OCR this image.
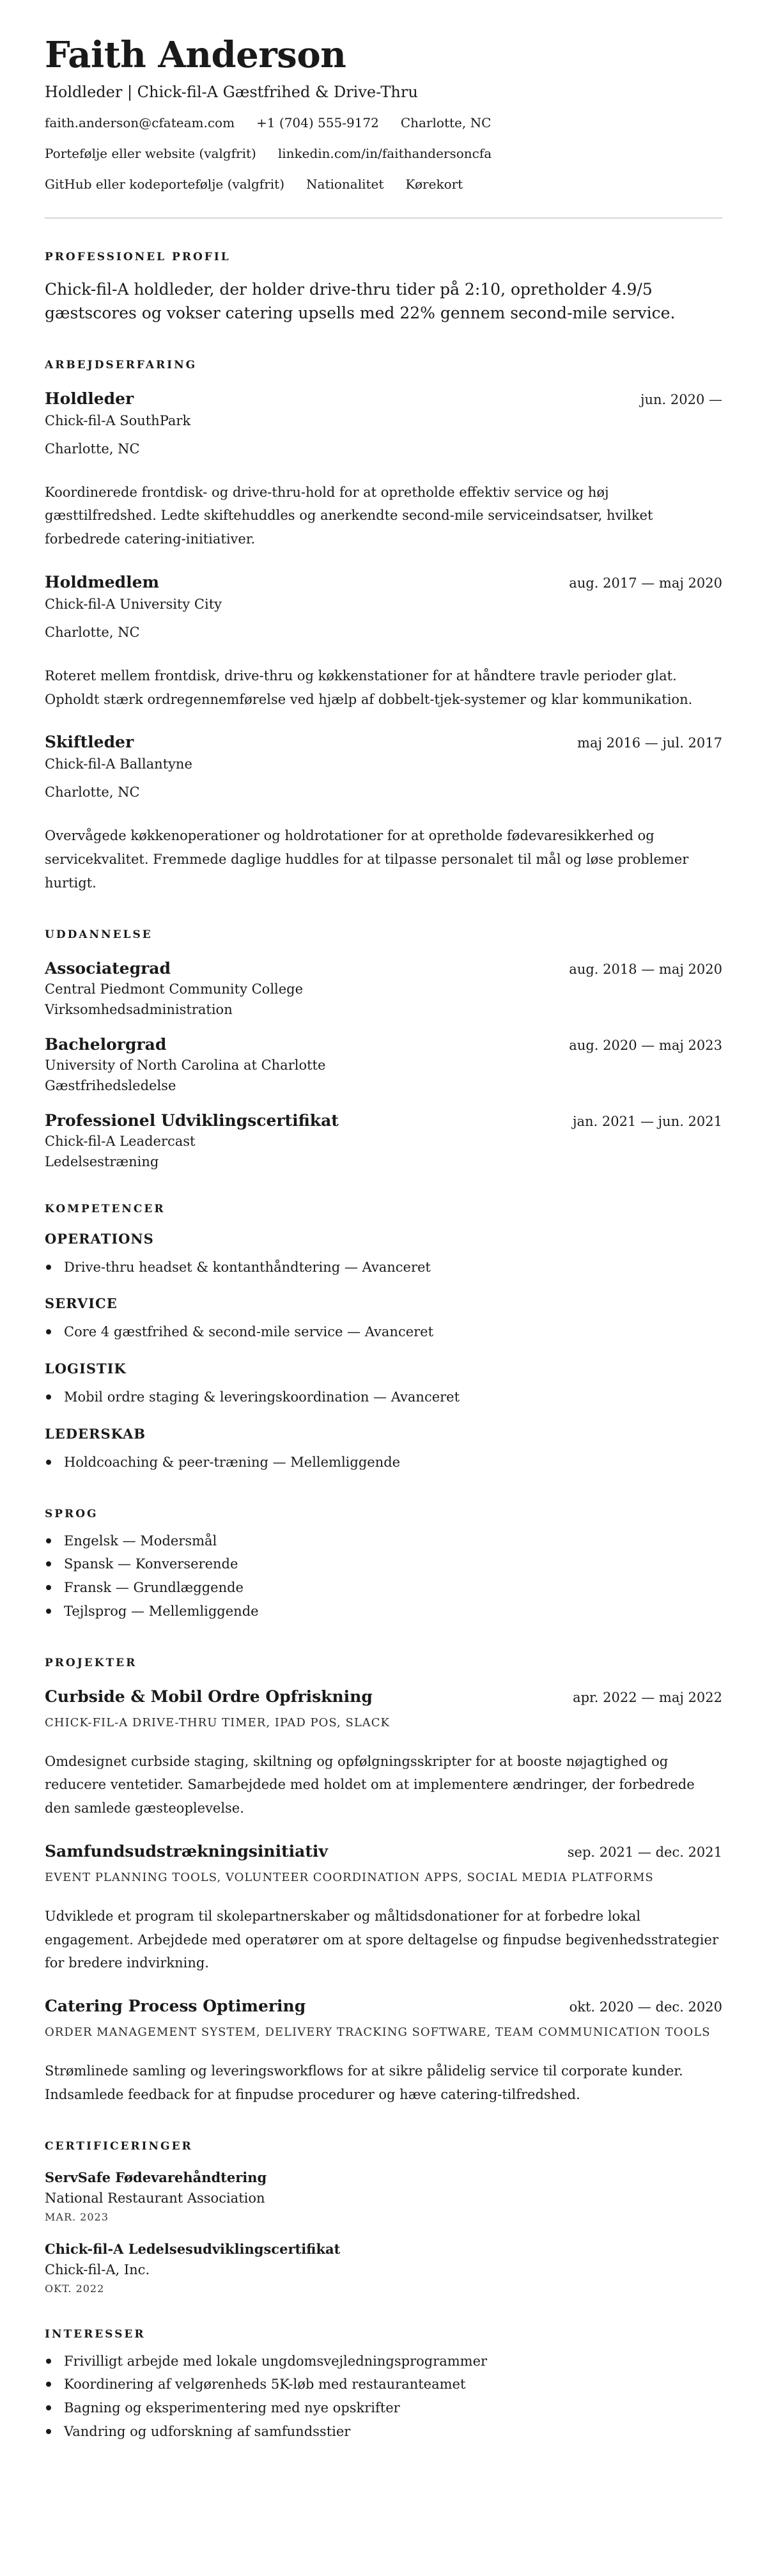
Faith Anderson
Holdleder | Chick-fil-A Gæstfrihed & Drive-Thru
faith.anderson@cfateam.com +1 (704) 555-9172 Charlotte, NC
Portefølje eller website (valgfrit) linkedin.com/in/faithandersoncfa
GitHub eller kodeportefølje (valgfrit) Nationalitet Kørekort
PROFESSIONEL PROFIL

Chick-fil-A holdleder, der holder drive-thru tider på 2:10, opretholder 4.9/5 gæstscores og vokser catering upsells med 22% gennem second-mile service.

ARBEJDSERFARING
Holdleder	jun. 2020 —
Chick-fil-A SouthPark
Charlotte, NC

Koordinerede frontdisk- og drive-thru-hold for at opretholde effektiv service og høj gæsttilfredshed. Ledte skiftehuddles og anerkendte second-mile serviceindsatser, hvilket forbedrede catering-initiativer.

Holdmedlem	aug. 2017 — maj 2020
Chick-fil-A University City
Charlotte, NC

Roteret mellem frontdisk, drive-thru og køkkenstationer for at håndtere travle perioder glat. Opholdt stærk ordregennemførelse ved hjælp af dobbelt-tjek-systemer og klar kommunikation.

Skiftleder	maj 2016 — jul. 2017
Chick-fil-A Ballantyne
Charlotte, NC

Overvågede køkkenoperationer og holdrotationer for at opretholde fødevaresikkerhed og servicekvalitet. Fremmede daglige huddles for at tilpasse personalet til mål og løse problemer hurtigt.

UDDANNELSE
Associategrad	aug. 2018 — maj 2020
Central Piedmont Community College
Virksomhedsadministration
Bachelorgrad	aug. 2020 — maj 2023
University of North Carolina at Charlotte
Gæstfrihedsledelse
Professionel Udviklingscertifikat	jan. 2021 — jun. 2021
Chick-fil-A Leadercast
Ledelsestræning
KOMPETENCER
OPERATIONS
Drive-thru headset & kontanthåndtering — Avanceret
SERVICE
Core 4 gæstfrihed & second-mile service — Avanceret
LOGISTIK
Mobil ordre staging & leveringskoordination — Avanceret
LEDERSKAB
Holdcoaching & peer-træning — Mellemliggende
SPROG
Engelsk — Modersmål
Spansk — Konverserende
Fransk — Grundlæggende
Tejlsprog — Mellemliggende
PROJEKTER
Curbside & Mobil Ordre Opfriskning	apr. 2022 — maj 2022
CHICK-FIL-A DRIVE-THRU TIMER, IPAD POS, SLACK

Omdesignet curbside staging, skiltning og opfølgningsskripter for at booste nøjagtighed og reducere ventetider. Samarbejdede med holdet om at implementere ændringer, der forbedrede den samlede gæsteoplevelse.

Samfundsudstrækningsinitiativ	sep. 2021 — dec. 2021
EVENT PLANNING TOOLS, VOLUNTEER COORDINATION APPS, SOCIAL MEDIA PLATFORMS

Udviklede et program til skolepartnerskaber og måltidsdonationer for at forbedre lokal engagement. Arbejdede med operatører om at spore deltagelse og finpudse begivenhedsstrategier for bredere indvirkning.

Catering Process Optimering	okt. 2020 — dec. 2020
ORDER MANAGEMENT SYSTEM, DELIVERY TRACKING SOFTWARE, TEAM COMMUNICATION TOOLS

Strømlinede samling og leveringsworkflows for at sikre pålidelig service til corporate kunder. Indsamlede feedback for at finpudse procedurer og hæve catering-tilfredshed.

CERTIFICERINGER
ServSafe Fødevarehåndtering
National Restaurant Association
MAR. 2023
Chick-fil-A Ledelsesudviklingscertifikat
Chick-fil-A, Inc.
OKT. 2022
INTERESSER
Frivilligt arbejde med lokale ungdomsvejledningsprogrammer
Koordinering af velgørenheds 5K-løb med restauranteamet
Bagning og eksperimentering med nye opskrifter
Vandring og udforskning af samfundsstier
